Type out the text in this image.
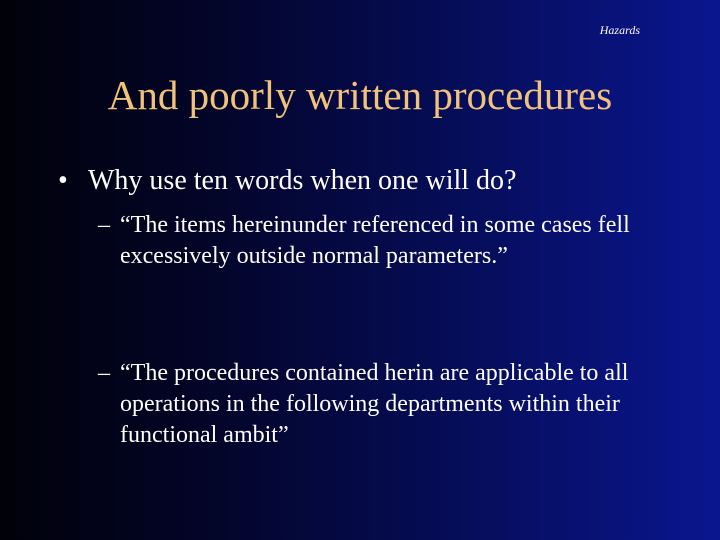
Hazards
And poorly written procedures
• Why use ten words when one will do?
– “The items hereinunder referenced in some cases fell excessively outside normal parameters.”
– “The procedures contained herin are applicable to all operations in the following departments within their functional ambit”
